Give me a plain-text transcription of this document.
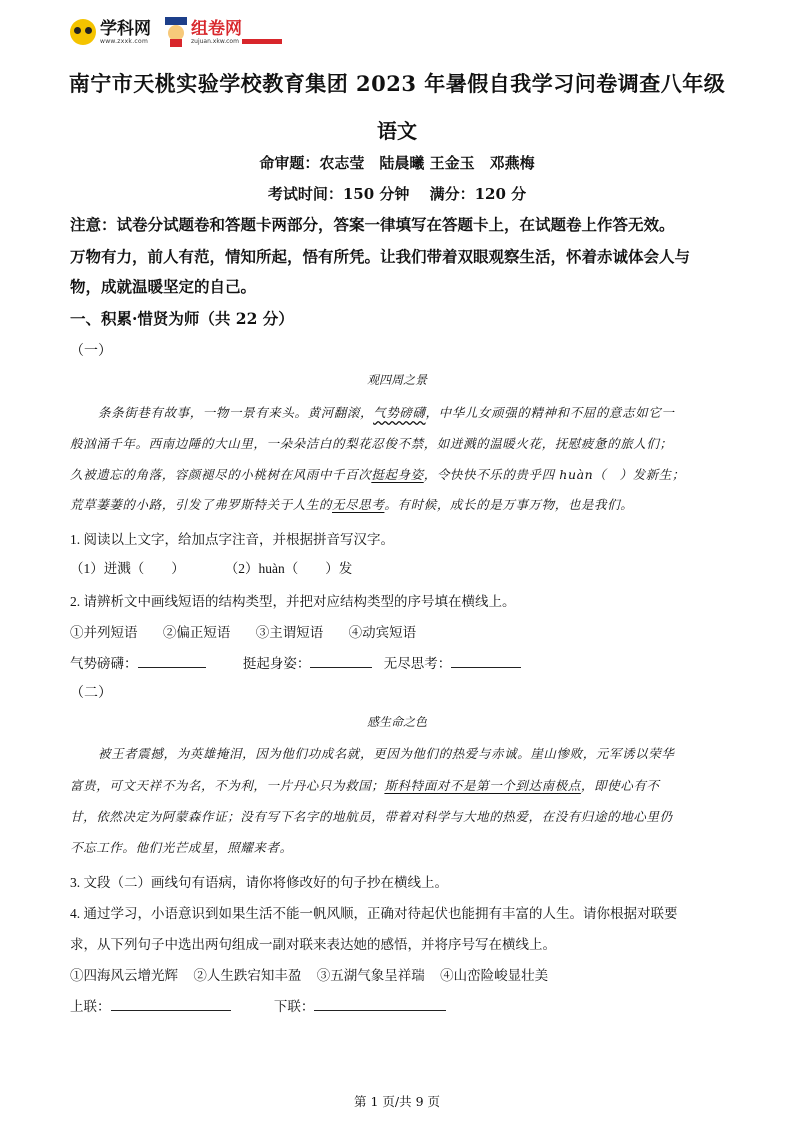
学科网
www.zxxk.com
组卷网
zujuan.xkw.com
南宁市天桃实验学校教育集团 2023 年暑假自我学习问卷调查八年级
语文
命审题：农志莹　陆晨曦 王金玉　邓燕梅
考试时间：150 分钟　 满分：120 分
注意：试卷分试题卷和答题卡两部分，答案一律填写在答题卡上，在试题卷上作答无效。
万物有力，前人有范，情知所起，悟有所凭。让我们带着双眼观察生活，怀着赤诚体会人与
物，成就温暖坚定的自己。
一、积累·惜贤为师（共 22 分）
（一）
观四周之景
条条街巷有故事，一物一景有来头。黄河翻滚，气势磅礴，中华儿女顽强的精神和不屈的意志如它一
般汹涌千年。西南边陲的大山里，一朵朵洁白的梨花忍俊不禁，如迸溅的温暖火花，抚慰疲惫的旅人们；
久被遗忘的角落，容颜褪尽的小桃树在风雨中千百次挺起身姿，令快快不乐的贵乎四 huàn（　）发新生；
荒草萋萋的小路，引发了弗罗斯特关于人生的无尽思考。有时候，成长的是万事万物，也是我们。
1. 阅读以上文字，给加点字注音，并根据拼音写汉字。
（1）迸溅（　　）	（2）huàn（　　）发
2. 请辨析文中画线短语的结构类型，并把对应结构类型的序号填在横线上。
①并列短语 ②偏正短语 ③主谓短语 ④动宾短语
气势磅礴：	挺起身姿：	无尽思考：
（二）
感生命之色
被王者震撼，为英雄掩泪，因为他们功成名就，更因为他们的热爱与赤诚。崖山惨败，元军诱以荣华
富贵，可文天祥不为名，不为利，一片丹心只为救国；斯科特面对不是第一个到达南极点，即使心有不
甘，依然决定为阿蒙森作证；没有写下名字的地航员，带着对科学与大地的热爱，在没有归途的地心里仍
不忘工作。他们光芒成星，照耀来者。
3. 文段（二）画线句有语病，请你将修改好的句子抄在横线上。
4. 通过学习，小语意识到如果生活不能一帆风顺，正确对待起伏也能拥有丰富的人生。请你根据对联要
求，从下列句子中选出两句组成一副对联来表达她的感悟，并将序号写在横线上。
①四海风云增光辉 ②人生跌宕知丰盈 ③五湖气象呈祥瑞 ④山峦险峻显壮美
上联：	下联：
第 1 页/共 9 页
